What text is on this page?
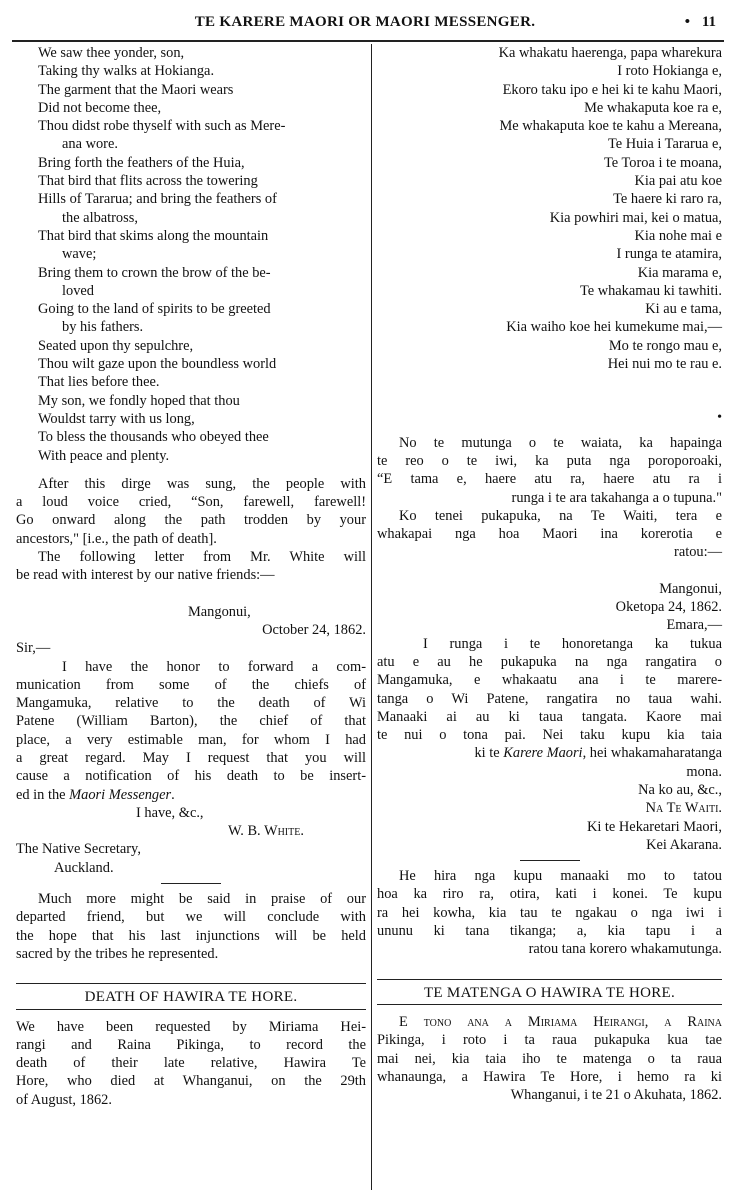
TE KARERE MAORI OR MAORI MESSENGER.	• 11
We saw thee yonder, son,
Taking thy walks at Hokianga.
The garment that the Maori wears
Did not become thee,
Thou didst robe thyself with such as Mere-
ana wore.
Bring forth the feathers of the Huia,
That bird that flits across the towering
Hills of Tararua; and bring the feathers of
the albatross,
That bird that skims along the mountain
wave;
Bring them to crown the brow of the be-
loved
Going to the land of spirits to be greeted
by his fathers.
Seated upon thy sepulchre,
Thou wilt gaze upon the boundless world
That lies before thee.
My son, we fondly hoped that thou
Wouldst tarry with us long,
To bless the thousands who obeyed thee
With peace and plenty.
After this dirge was sung, the people with
a loud voice cried, “Son, farewell, farewell!
Go onward along the path trodden by your
ancestors," [i.e., the path of death].
The following letter from Mr. White will
be read with interest by our native friends:—
Mangonui,
October 24, 1862.
Sir,—
I have the honor to forward a com-
munication from some of the chiefs of
Mangamuka, relative to the death of Wi
Patene (William Barton), the chief of that
place, a very estimable man, for whom I had
a great regard. May I request that you will
cause a notification of his death to be insert-
ed in the Maori Messenger.
I have, &c.,
W. B. White.
The Native Secretary,
Auckland.
Much more might be said in praise of our
departed friend, but we will conclude with
the hope that his last injunctions will be held
sacred by the tribes he represented.
DEATH OF HAWIRA TE HORE.
We have been requested by Miriama Hei-
rangi and Raina Pikinga, to record the
death of their late relative, Hawira Te
Hore, who died at Whanganui, on the 29th
of August, 1862.
Ka whakatu haerenga, papa wharekura
I roto Hokianga e,
Ekoro taku ipo e hei ki te kahu Maori,
Me whakaputa koe ra e,
Me whakaputa koe te kahu a Mereana,
Te Huia i Tararua e,
Te Toroa i te moana,
Kia pai atu koe
Te haere ki raro ra,
Kia powhiri mai, kei o matua,
Kia nohe mai e
I runga te atamira,
Kia marama e,
Te whakamau ki tawhiti.
Ki au e tama,
Kia waiho koe hei kumekume mai,—
Mo te rongo mau e,
Hei nui mo te rau e.
•
No te mutunga o te waiata, ka hapainga
te reo o te iwi, ka puta nga poroporoaki,
“E tama e, haere atu ra, haere atu ra i
runga i te ara takahanga a o tupuna."
Ko tenei pukapuka, na Te Waiti, tera e
whakapai nga hoa Maori ina korerotia e
ratou:—
Mangonui,
Oketopa 24, 1862.
Emara,—
I runga i te honoretanga ka tukua
atu e au he pukapuka na nga rangatira o
Mangamuka, e whakaatu ana i te marere-
tanga o Wi Patene, rangatira no taua wahi.
Manaaki ai au ki taua tangata. Kaore mai
te nui o tona pai. Nei taku kupu kia taia
ki te Karere Maori, hei whakamaharatanga
mona.
Na ko au, &c.,
Na Te Waiti.
Ki te Hekaretari Maori,
Kei Akarana.
He hira nga kupu manaaki mo to tatou
hoa ka riro ra, otira, kati i konei. Te kupu
ra hei kowha, kia tau te ngakau o nga iwi i
ununu ki tana tikanga; a, kia tapu i a
ratou tana korero whakamutunga.
TE MATENGA O HAWIRA TE HORE.
E tono ana a Miriama Heirangi, a Raina
Pikinga, i roto i ta raua pukapuka kua tae
mai nei, kia taia iho te matenga o ta raua
whanaunga, a Hawira Te Hore, i hemo ra ki
Whanganui, i te 21 o Akuhata, 1862.
